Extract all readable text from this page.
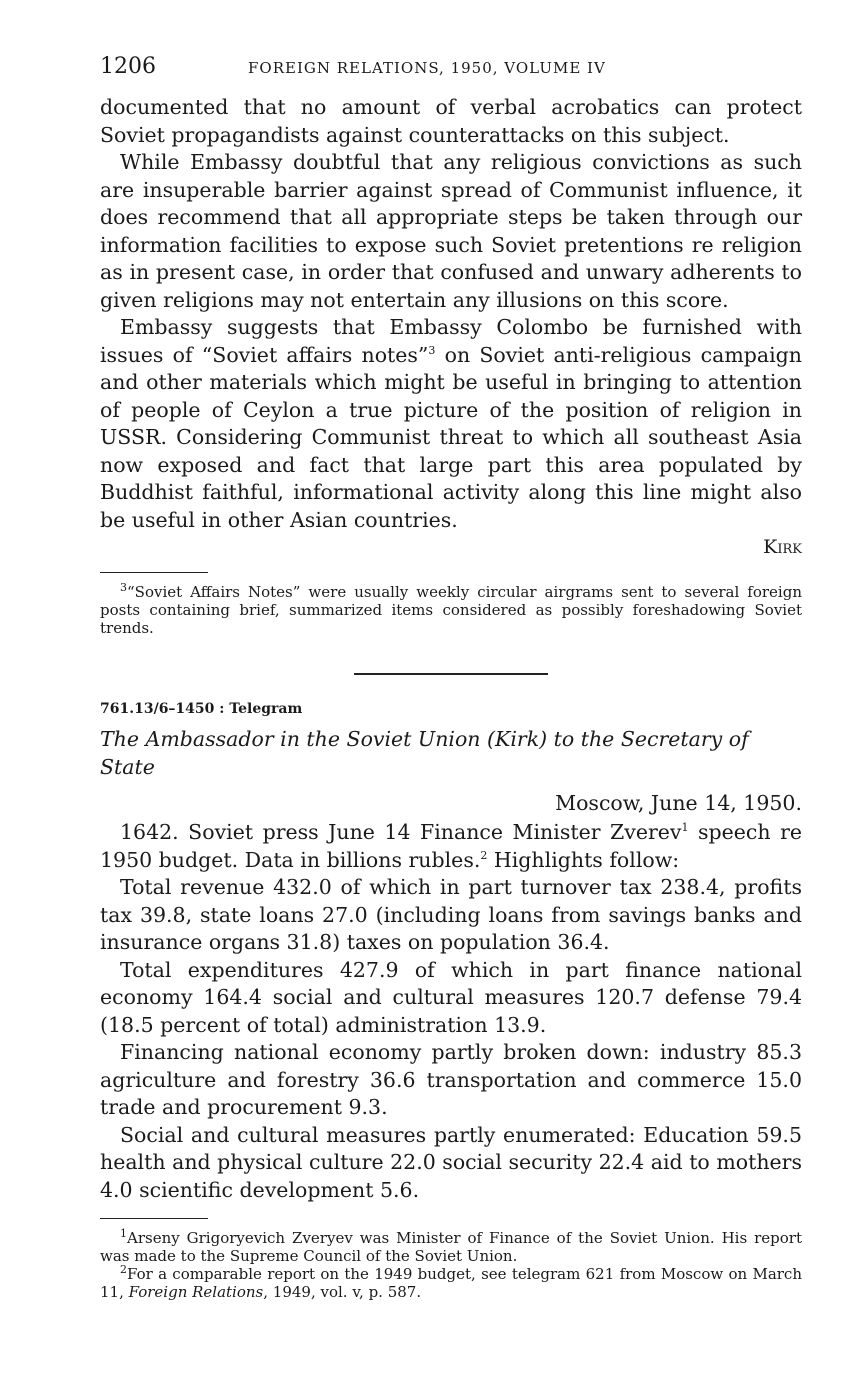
1206	FOREIGN RELATIONS, 1950, VOLUME IV

documented that no amount of verbal acrobatics can protect Soviet propagandists against counterattacks on this subject.

While Embassy doubtful that any religious convictions as such are insuperable barrier against spread of Communist influence, it does recommend that all appropriate steps be taken through our information facilities to expose such Soviet pretentions re religion as in present case, in order that confused and unwary adherents to given religions may not entertain any illusions on this score.

Embassy suggests that Embassy Colombo be furnished with issues of “Soviet affairs notes”$^3$ on Soviet anti-religious campaign and other materials which might be useful in bringing to attention of people of Ceylon a true picture of the position of religion in USSR. Considering Communist threat to which all southeast Asia now exposed and fact that large part this area populated by Buddhist faithful, informational activity along this line might also be useful in other Asian countries.

Kirk
$^3$“Soviet Affairs Notes” were usually weekly circular airgrams sent to several foreign posts containing brief, summarized items considered as possibly foreshadowing Soviet trends.
761.13/6–1450 : Telegram
The Ambassador in the Soviet Union (Kirk) to the Secretary of State
Moscow, June 14, 1950.

1642. Soviet press June 14 Finance Minister Zverev$^1$ speech re 1950 budget. Data in billions rubles.$^2$ Highlights follow:

Total revenue 432.0 of which in part turnover tax 238.4, profits tax 39.8, state loans 27.0 (including loans from savings banks and insurance organs 31.8) taxes on population 36.4.

Total expenditures 427.9 of which in part finance national economy 164.4 social and cultural measures 120.7 defense 79.4 (18.5 percent of total) administration 13.9.

Financing national economy partly broken down: industry 85.3 agriculture and forestry 36.6 transportation and commerce 15.0 trade and procurement 9.3.

Social and cultural measures partly enumerated: Education 59.5 health and physical culture 22.0 social security 22.4 aid to mothers 4.0 scientific development 5.6.

$^1$Arseny Grigoryevich Zveryev was Minister of Finance of the Soviet Union. His report was made to the Supreme Council of the Soviet Union.
$^2$For a comparable report on the 1949 budget, see telegram 621 from Moscow on March 11, Foreign Relations, 1949, vol. v, p. 587.
